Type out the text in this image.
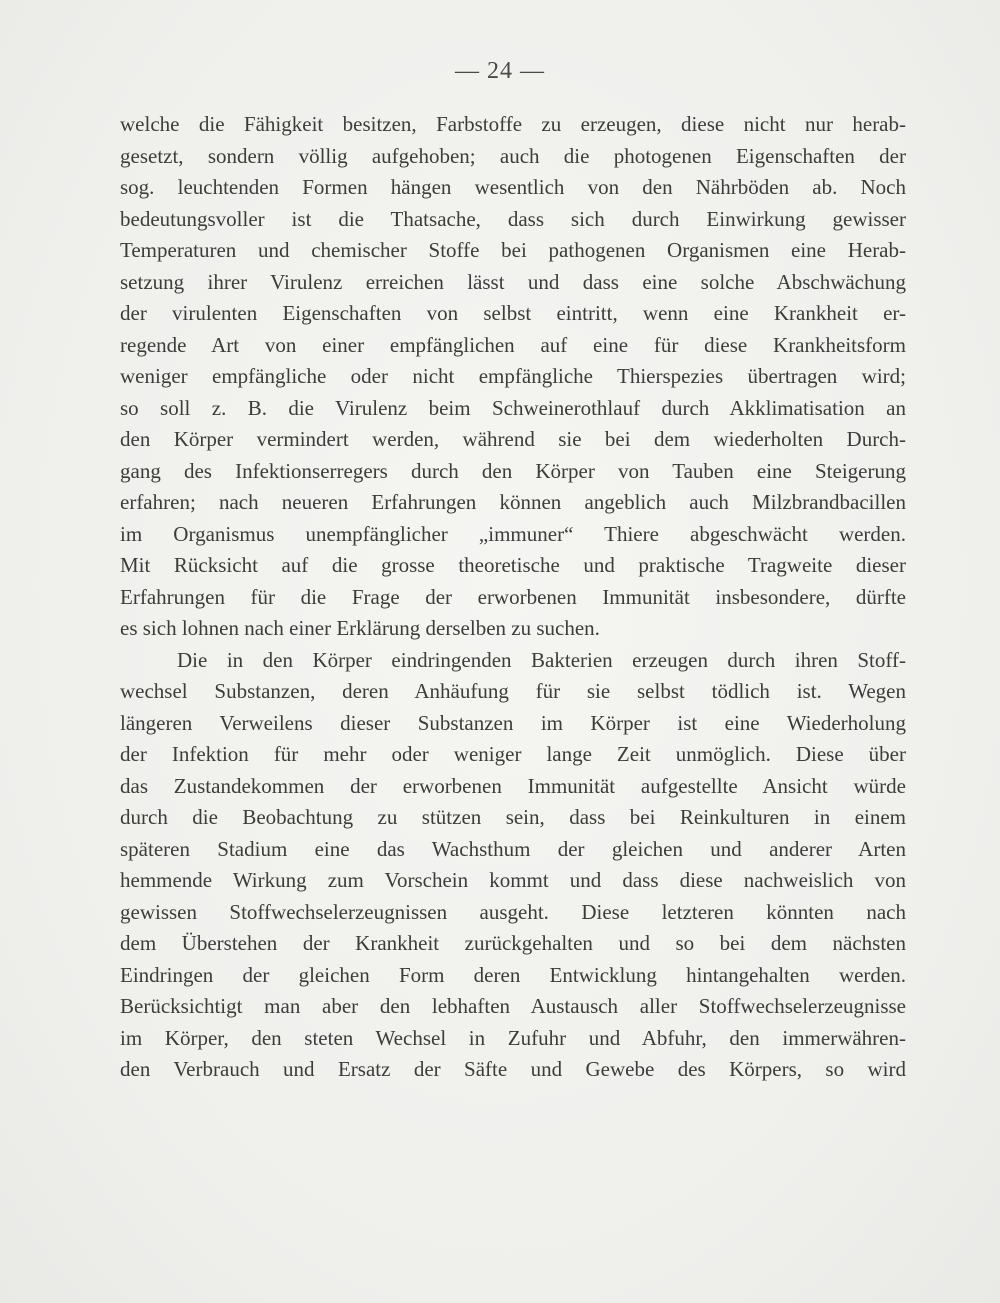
— 24 —
welche die Fähigkeit besitzen, Farbstoffe zu erzeugen, diese nicht nur herab-
gesetzt, sondern völlig aufgehoben; auch die photogenen Eigenschaften der
sog. leuchtenden Formen hängen wesentlich von den Nährböden ab. Noch
bedeutungsvoller ist die Thatsache, dass sich durch Einwirkung gewisser
Temperaturen und chemischer Stoffe bei pathogenen Organismen eine Herab-
setzung ihrer Virulenz erreichen lässt und dass eine solche Abschwächung
der virulenten Eigenschaften von selbst eintritt, wenn eine Krankheit er-
regende Art von einer empfänglichen auf eine für diese Krankheitsform
weniger empfängliche oder nicht empfängliche Thierspezies übertragen wird;
so soll z. B. die Virulenz beim Schweinerothlauf durch Akklimatisation an
den Körper vermindert werden, während sie bei dem wiederholten Durch-
gang des Infektionserregers durch den Körper von Tauben eine Steigerung
erfahren; nach neueren Erfahrungen können angeblich auch Milzbrandbacillen
im Organismus unempfänglicher „immuner“ Thiere abgeschwächt werden.
Mit Rücksicht auf die grosse theoretische und praktische Tragweite dieser
Erfahrungen für die Frage der erworbenen Immunität insbesondere, dürfte
es sich lohnen nach einer Erklärung derselben zu suchen.
Die in den Körper eindringenden Bakterien erzeugen durch ihren Stoff-
wechsel Substanzen, deren Anhäufung für sie selbst tödlich ist. Wegen
längeren Verweilens dieser Substanzen im Körper ist eine Wiederholung
der Infektion für mehr oder weniger lange Zeit unmöglich. Diese über
das Zustandekommen der erworbenen Immunität aufgestellte Ansicht würde
durch die Beobachtung zu stützen sein, dass bei Reinkulturen in einem
späteren Stadium eine das Wachsthum der gleichen und anderer Arten
hemmende Wirkung zum Vorschein kommt und dass diese nachweislich von
gewissen Stoffwechselerzeugnissen ausgeht. Diese letzteren könnten nach
dem Überstehen der Krankheit zurückgehalten und so bei dem nächsten
Eindringen der gleichen Form deren Entwicklung hintangehalten werden.
Berücksichtigt man aber den lebhaften Austausch aller Stoffwechselerzeugnisse
im Körper, den steten Wechsel in Zufuhr und Abfuhr, den immerwähren-
den Verbrauch und Ersatz der Säfte und Gewebe des Körpers, so wird
